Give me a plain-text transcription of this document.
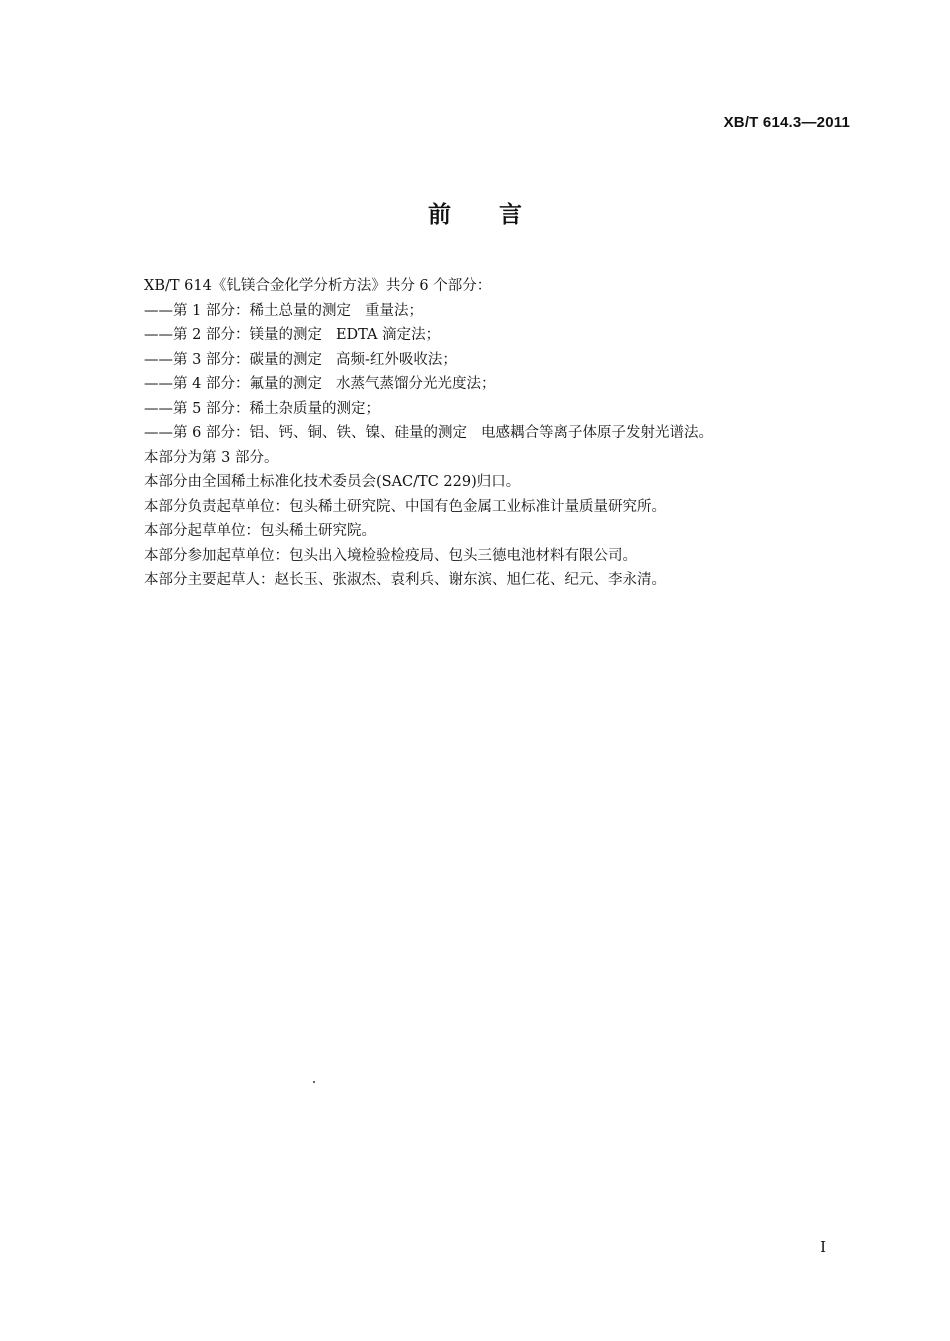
XB/T 614.3—2011
前言
XB/T 614《钆镁合金化学分析方法》共分 6 个部分：
——第 1 部分：稀土总量的测定 重量法；
——第 2 部分：镁量的测定 EDTA 滴定法；
——第 3 部分：碳量的测定 高频-红外吸收法；
——第 4 部分：氟量的测定 水蒸气蒸馏分光光度法；
——第 5 部分：稀土杂质量的测定；
——第 6 部分：铝、钙、铜、铁、镍、硅量的测定 电感耦合等离子体原子发射光谱法。
本部分为第 3 部分。
本部分由全国稀土标准化技术委员会(SAC/TC 229)归口。
本部分负责起草单位：包头稀土研究院、中国有色金属工业标准计量质量研究所。
本部分起草单位：包头稀土研究院。
本部分参加起草单位：包头出入境检验检疫局、包头三德电池材料有限公司。
本部分主要起草人：赵长玉、张淑杰、袁利兵、谢东滨、旭仁花、纪元、李永清。
I
